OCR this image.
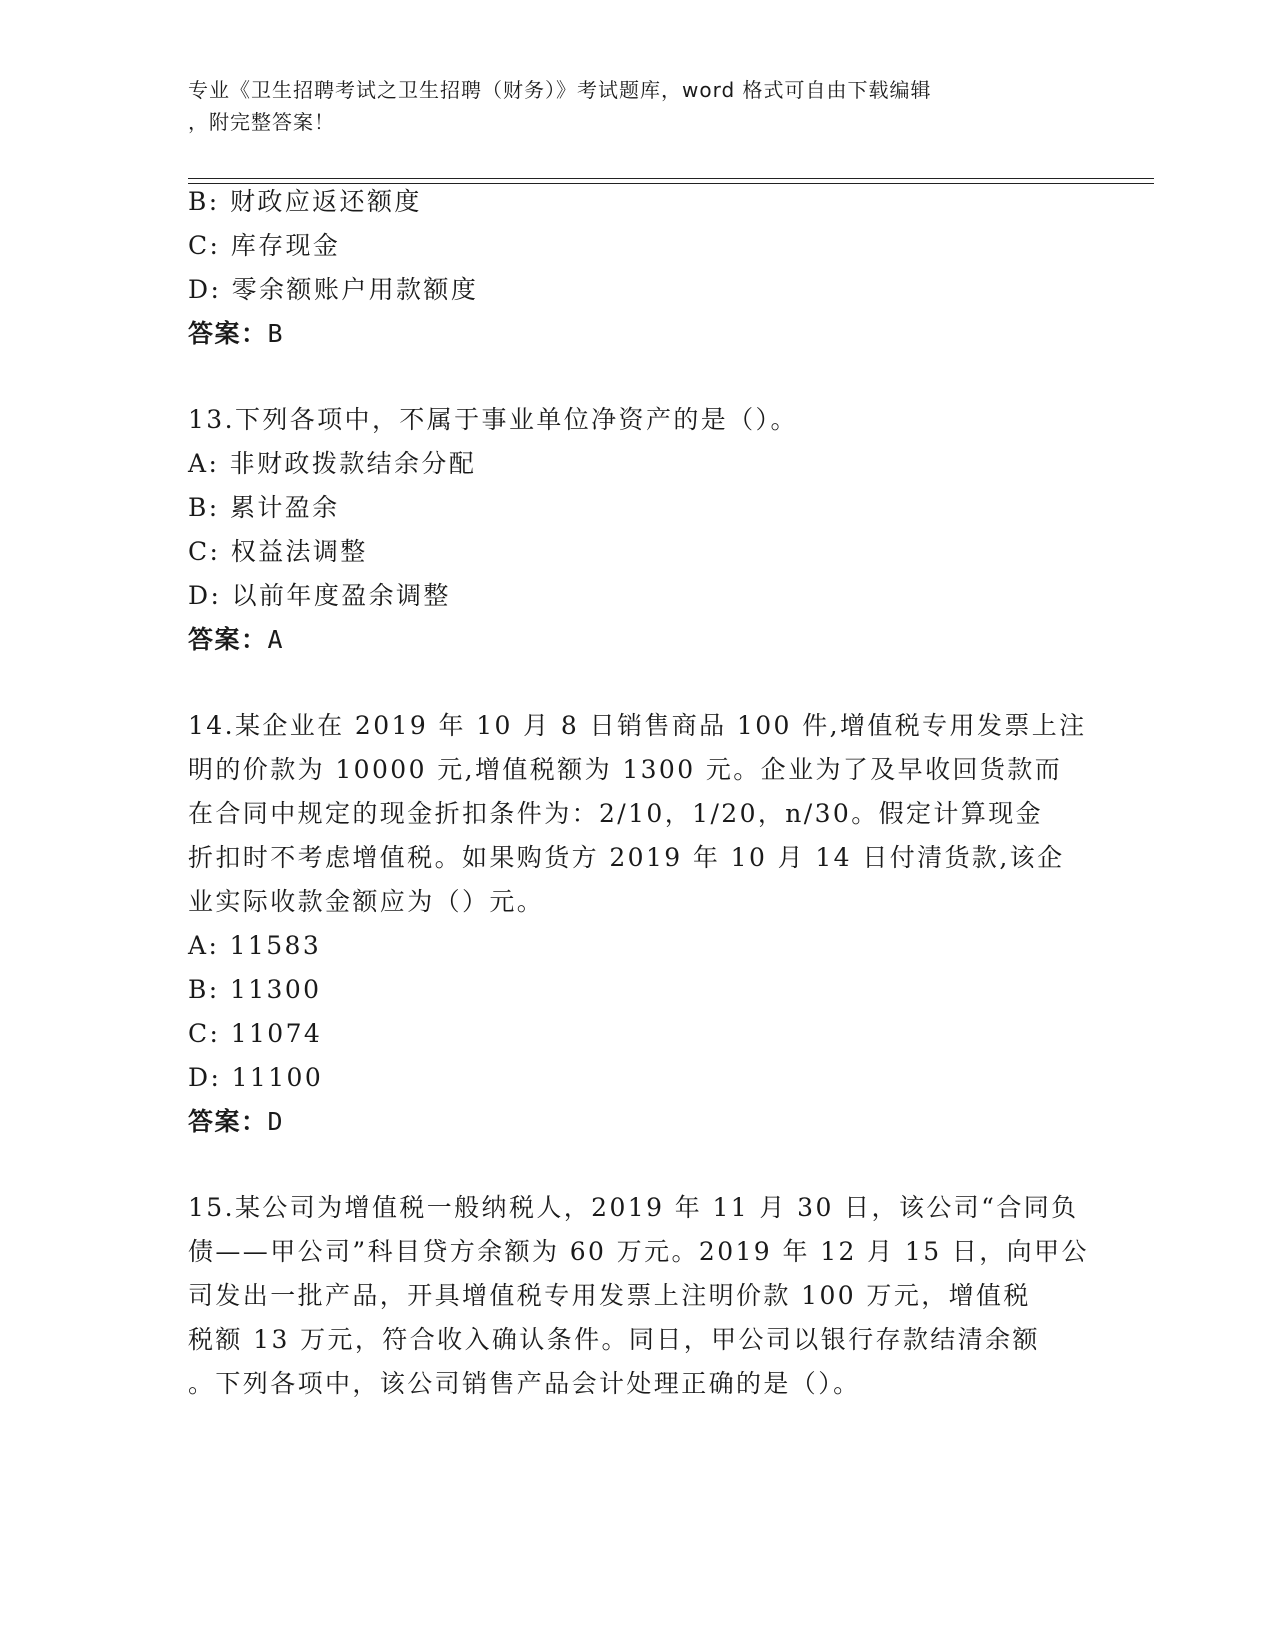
专业《卫生招聘考试之卫生招聘（财务）》考试题库，word 格式可自由下载编辑
，附完整答案！
B: 财政应返还额度
C: 库存现金
D: 零余额账户用款额度
答案：B
13.下列各项中，不属于事业单位净资产的是（）。
A: 非财政拨款结余分配
B: 累计盈余
C: 权益法调整
D: 以前年度盈余调整
答案：A
14.某企业在 2019 年 10 月 8 日销售商品 100 件,增值税专用发票上注
明的价款为 10000 元,增值税额为 1300 元。企业为了及早收回货款而
在合同中规定的现金折扣条件为：2/10，1/20，n/30。假定计算现金
折扣时不考虑增值税。如果购货方 2019 年 10 月 14 日付清货款,该企
业实际收款金额应为（）元。
A: 11583
B: 11300
C: 11074
D: 11100
答案：D
15.某公司为增值税一般纳税人，2019 年 11 月 30 日，该公司“合同负
债——甲公司”科目贷方余额为 60 万元。2019 年 12 月 15 日，向甲公
司发出一批产品，开具增值税专用发票上注明价款 100 万元，增值税
税额 13 万元，符合收入确认条件。同日，甲公司以银行存款结清余额
。下列各项中，该公司销售产品会计处理正确的是（）。
